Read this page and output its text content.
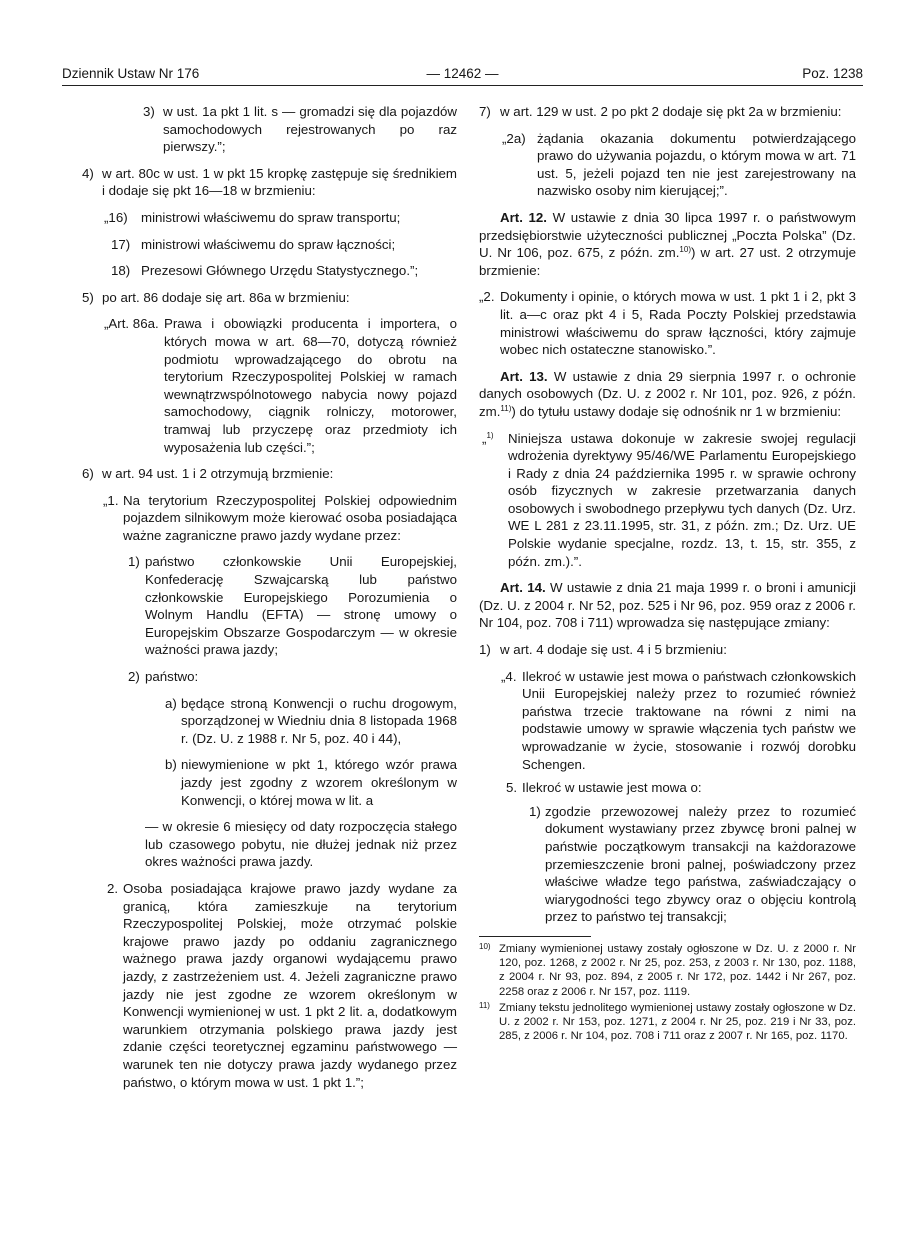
Dziennik Ustaw Nr 176	— 12462 —	Poz. 1238
3) w ust. 1a pkt 1 lit. s — gromadzi się dla pojazdów samochodowych rejestrowanych po raz pierwszy.”;
4) w art. 80c w ust. 1 w pkt 15 kropkę zastępuje się średnikiem i dodaje się pkt 16—18 w brzmieniu:
„16) ministrowi właściwemu do spraw transportu;
17) ministrowi właściwemu do spraw łączności;
18) Prezesowi Głównego Urzędu Statystycznego.”;
5) po art. 86 dodaje się art. 86a w brzmieniu:
„Art. 86a. Prawa i obowiązki producenta i importera, o których mowa w art. 68—70, dotyczą również podmiotu wprowadzającego do obrotu na terytorium Rzeczypospolitej Polskiej w ramach wewnątrzwspólnotowego nabycia nowy pojazd samochodowy, ciągnik rolniczy, motorower, tramwaj lub przyczepę oraz przedmioty ich wyposażenia lub części.”;
6) w art. 94 ust. 1 i 2 otrzymują brzmienie:
„1. Na terytorium Rzeczypospolitej Polskiej odpowiednim pojazdem silnikowym może kierować osoba posiadająca ważne zagraniczne prawo jazdy wydane przez:
1) państwo członkowskie Unii Europejskiej, Konfederację Szwajcarską lub państwo członkowskie Europejskiego Porozumienia o Wolnym Handlu (EFTA) — stronę umowy o Europejskim Obszarze Gospodarczym — w okresie ważności prawa jazdy;
2) państwo:
a) będące stroną Konwencji o ruchu drogowym, sporządzonej w Wiedniu dnia 8 listopada 1968 r. (Dz. U. z 1988 r. Nr 5, poz. 40 i 44),
b) niewymienione w pkt 1, którego wzór prawa jazdy jest zgodny z wzorem określonym w Konwencji, o której mowa w lit. a
— w okresie 6 miesięcy od daty rozpoczęcia stałego lub czasowego pobytu, nie dłużej jednak niż przez okres ważności prawa jazdy.
2. Osoba posiadająca krajowe prawo jazdy wydane za granicą, która zamieszkuje na terytorium Rzeczypospolitej Polskiej, może otrzymać polskie krajowe prawo jazdy po oddaniu zagranicznego ważnego prawa jazdy organowi wydającemu prawo jazdy, z zastrzeżeniem ust. 4. Jeżeli zagraniczne prawo jazdy nie jest zgodne ze wzorem określonym w Konwencji wymienionej w ust. 1 pkt 2 lit. a, dodatkowym warunkiem otrzymania polskiego prawa jazdy jest zdanie części teoretycznej egzaminu państwowego — warunek ten nie dotyczy prawa jazdy wydanego przez państwo, o którym mowa w ust. 1 pkt 1.”;
7) w art. 129 w ust. 2 po pkt 2 dodaje się pkt 2a w brzmieniu:
„2a) żądania okazania dokumentu potwierdzającego prawo do używania pojazdu, o którym mowa w art. 71 ust. 5, jeżeli pojazd ten nie jest zarejestrowany na nazwisko osoby nim kierującej;”.
Art. 12. W ustawie z dnia 30 lipca 1997 r. o państwowym przedsiębiorstwie użyteczności publicznej „Poczta Polska” (Dz. U. Nr 106, poz. 675, z późn. zm.$^{10)}$) w art. 27 ust. 2 otrzymuje brzmienie:
„2. Dokumenty i opinie, o których mowa w ust. 1 pkt 1 i 2, pkt 3 lit. a—c oraz pkt 4 i 5, Rada Poczty Polskiej przedstawia ministrowi właściwemu do spraw łączności, który zajmuje wobec nich ostateczne stanowisko.”.
Art. 13. W ustawie z dnia 29 sierpnia 1997 r. o ochronie danych osobowych (Dz. U. z 2002 r. Nr 101, poz. 926, z późn. zm.$^{11)}$) do tytułu ustawy dodaje się odnośnik nr 1 w brzmieniu:
„$^{1)}$ Niniejsza ustawa dokonuje w zakresie swojej regulacji wdrożenia dyrektywy 95/46/WE Parlamentu Europejskiego i Rady z dnia 24 października 1995 r. w sprawie ochrony osób fizycznych w zakresie przetwarzania danych osobowych i swobodnego przepływu tych danych (Dz. Urz. WE L 281 z 23.11.1995, str. 31, z późn. zm.; Dz. Urz. UE Polskie wydanie specjalne, rozdz. 13, t. 15, str. 355, z późn. zm.).”.
Art. 14. W ustawie z dnia 21 maja 1999 r. o broni i amunicji (Dz. U. z 2004 r. Nr 52, poz. 525 i Nr 96, poz. 959 oraz z 2006 r. Nr 104, poz. 708 i 711) wprowadza się następujące zmiany:
1) w art. 4 dodaje się ust. 4 i 5 brzmieniu:
„4. Ilekroć w ustawie jest mowa o państwach członkowskich Unii Europejskiej należy przez to rozumieć również państwa trzecie traktowane na równi z nimi na podstawie umowy w sprawie włączenia tych państw we wprowadzanie w życie, stosowanie i rozwój dorobku Schengen.
5. Ilekroć w ustawie jest mowa o:
1) zgodzie przewozowej należy przez to rozumieć dokument wystawiany przez zbywcę broni palnej w państwie początkowym transakcji na każdorazowe przemieszczenie broni palnej, poświadczony przez właściwe władze tego państwa, zaświadczający o wiarygodności tego zbywcy oraz o objęciu kontrolą przez to państwo tej transakcji;
10) Zmiany wymienionej ustawy zostały ogłoszone w Dz. U. z 2000 r. Nr 120, poz. 1268, z 2002 r. Nr 25, poz. 253, z 2003 r. Nr 130, poz. 1188, z 2004 r. Nr 93, poz. 894, z 2005 r. Nr 172, poz. 1442 i Nr 267, poz. 2258 oraz z 2006 r. Nr 157, poz. 1119.
11) Zmiany tekstu jednolitego wymienionej ustawy zostały ogłoszone w Dz. U. z 2002 r. Nr 153, poz. 1271, z 2004 r. Nr 25, poz. 219 i Nr 33, poz. 285, z 2006 r. Nr 104, poz. 708 i 711 oraz z 2007 r. Nr 165, poz. 1170.
